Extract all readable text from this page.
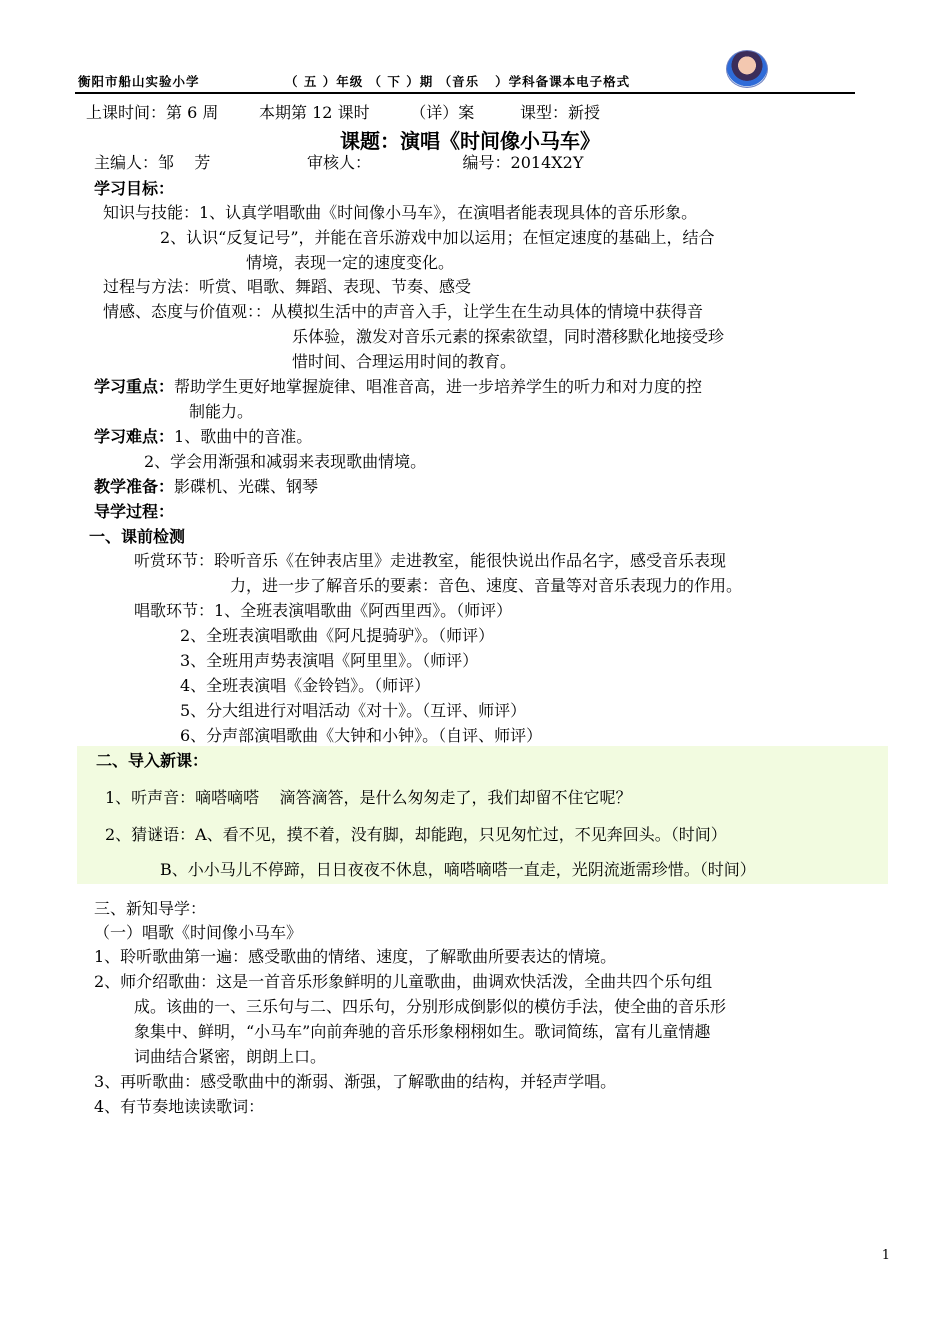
衡阳市船山实验小学	（ 五 ）年级 （ 下 ）期 （音乐   ）学科备课本电子格式
上课时间：第 6 周        本期第 12 课时        （详）案         课型：新授
课题：演唱《时间像小马车》
主编人：邹    芳                   审核人：                  编号：2014X2Y
学习目标：
知识与技能：1、认真学唱歌曲《时间像小马车》，在演唱者能表现具体的音乐形象。
2、认识“反复记号”，并能在音乐游戏中加以运用；在恒定速度的基础上，结合
情境，表现一定的速度变化。
过程与方法：听赏、唱歌、舞蹈、表现、节奏、感受
情感、态度与价值观：：从模拟生活中的声音入手，让学生在生动具体的情境中获得音
乐体验，激发对音乐元素的探索欲望，同时潜移默化地接受珍
惜时间、合理运用时间的教育。
学习重点：帮助学生更好地掌握旋律、唱准音高，进一步培养学生的听力和对力度的控
制能力。
学习难点：1、歌曲中的音准。
2、学会用渐强和减弱来表现歌曲情境。
教学准备：影碟机、光碟、钢琴
导学过程：
一、课前检测
听赏环节：聆听音乐《在钟表店里》走进教室，能很快说出作品名字，感受音乐表现
力，进一步了解音乐的要素：音色、速度、音量等对音乐表现力的作用。
唱歌环节：1、全班表演唱歌曲《阿西里西》。（师评）
2、全班表演唱歌曲《阿凡提骑驴》。（师评）
3、全班用声势表演唱《阿里里》。（师评）
4、全班表演唱《金铃铛》。（师评）
5、分大组进行对唱活动《对十》。（互评、师评）
6、分声部演唱歌曲《大钟和小钟》。（自评、师评）
二、导入新课：
1、听声音：嘀嗒嘀嗒    滴答滴答，是什么匆匆走了，我们却留不住它呢？
2、猜谜语：A、看不见，摸不着，没有脚，却能跑，只见匆忙过，不见奔回头。（时间）
B、小小马儿不停蹄，日日夜夜不休息，嘀嗒嘀嗒一直走，光阴流逝需珍惜。（时间）
三、新知导学：
（一）唱歌《时间像小马车》
1、聆听歌曲第一遍：感受歌曲的情绪、速度，了解歌曲所要表达的情境。
2、师介绍歌曲：这是一首音乐形象鲜明的儿童歌曲，曲调欢快活泼，全曲共四个乐句组
成。该曲的一、三乐句与二、四乐句，分别形成倒影似的模仿手法，使全曲的音乐形
象集中、鲜明，“小马车”向前奔驰的音乐形象栩栩如生。歌词简练，富有儿童情趣
词曲结合紧密，朗朗上口。
3、再听歌曲：感受歌曲中的渐弱、渐强，了解歌曲的结构，并轻声学唱。
4、有节奏地读读歌词：
1
